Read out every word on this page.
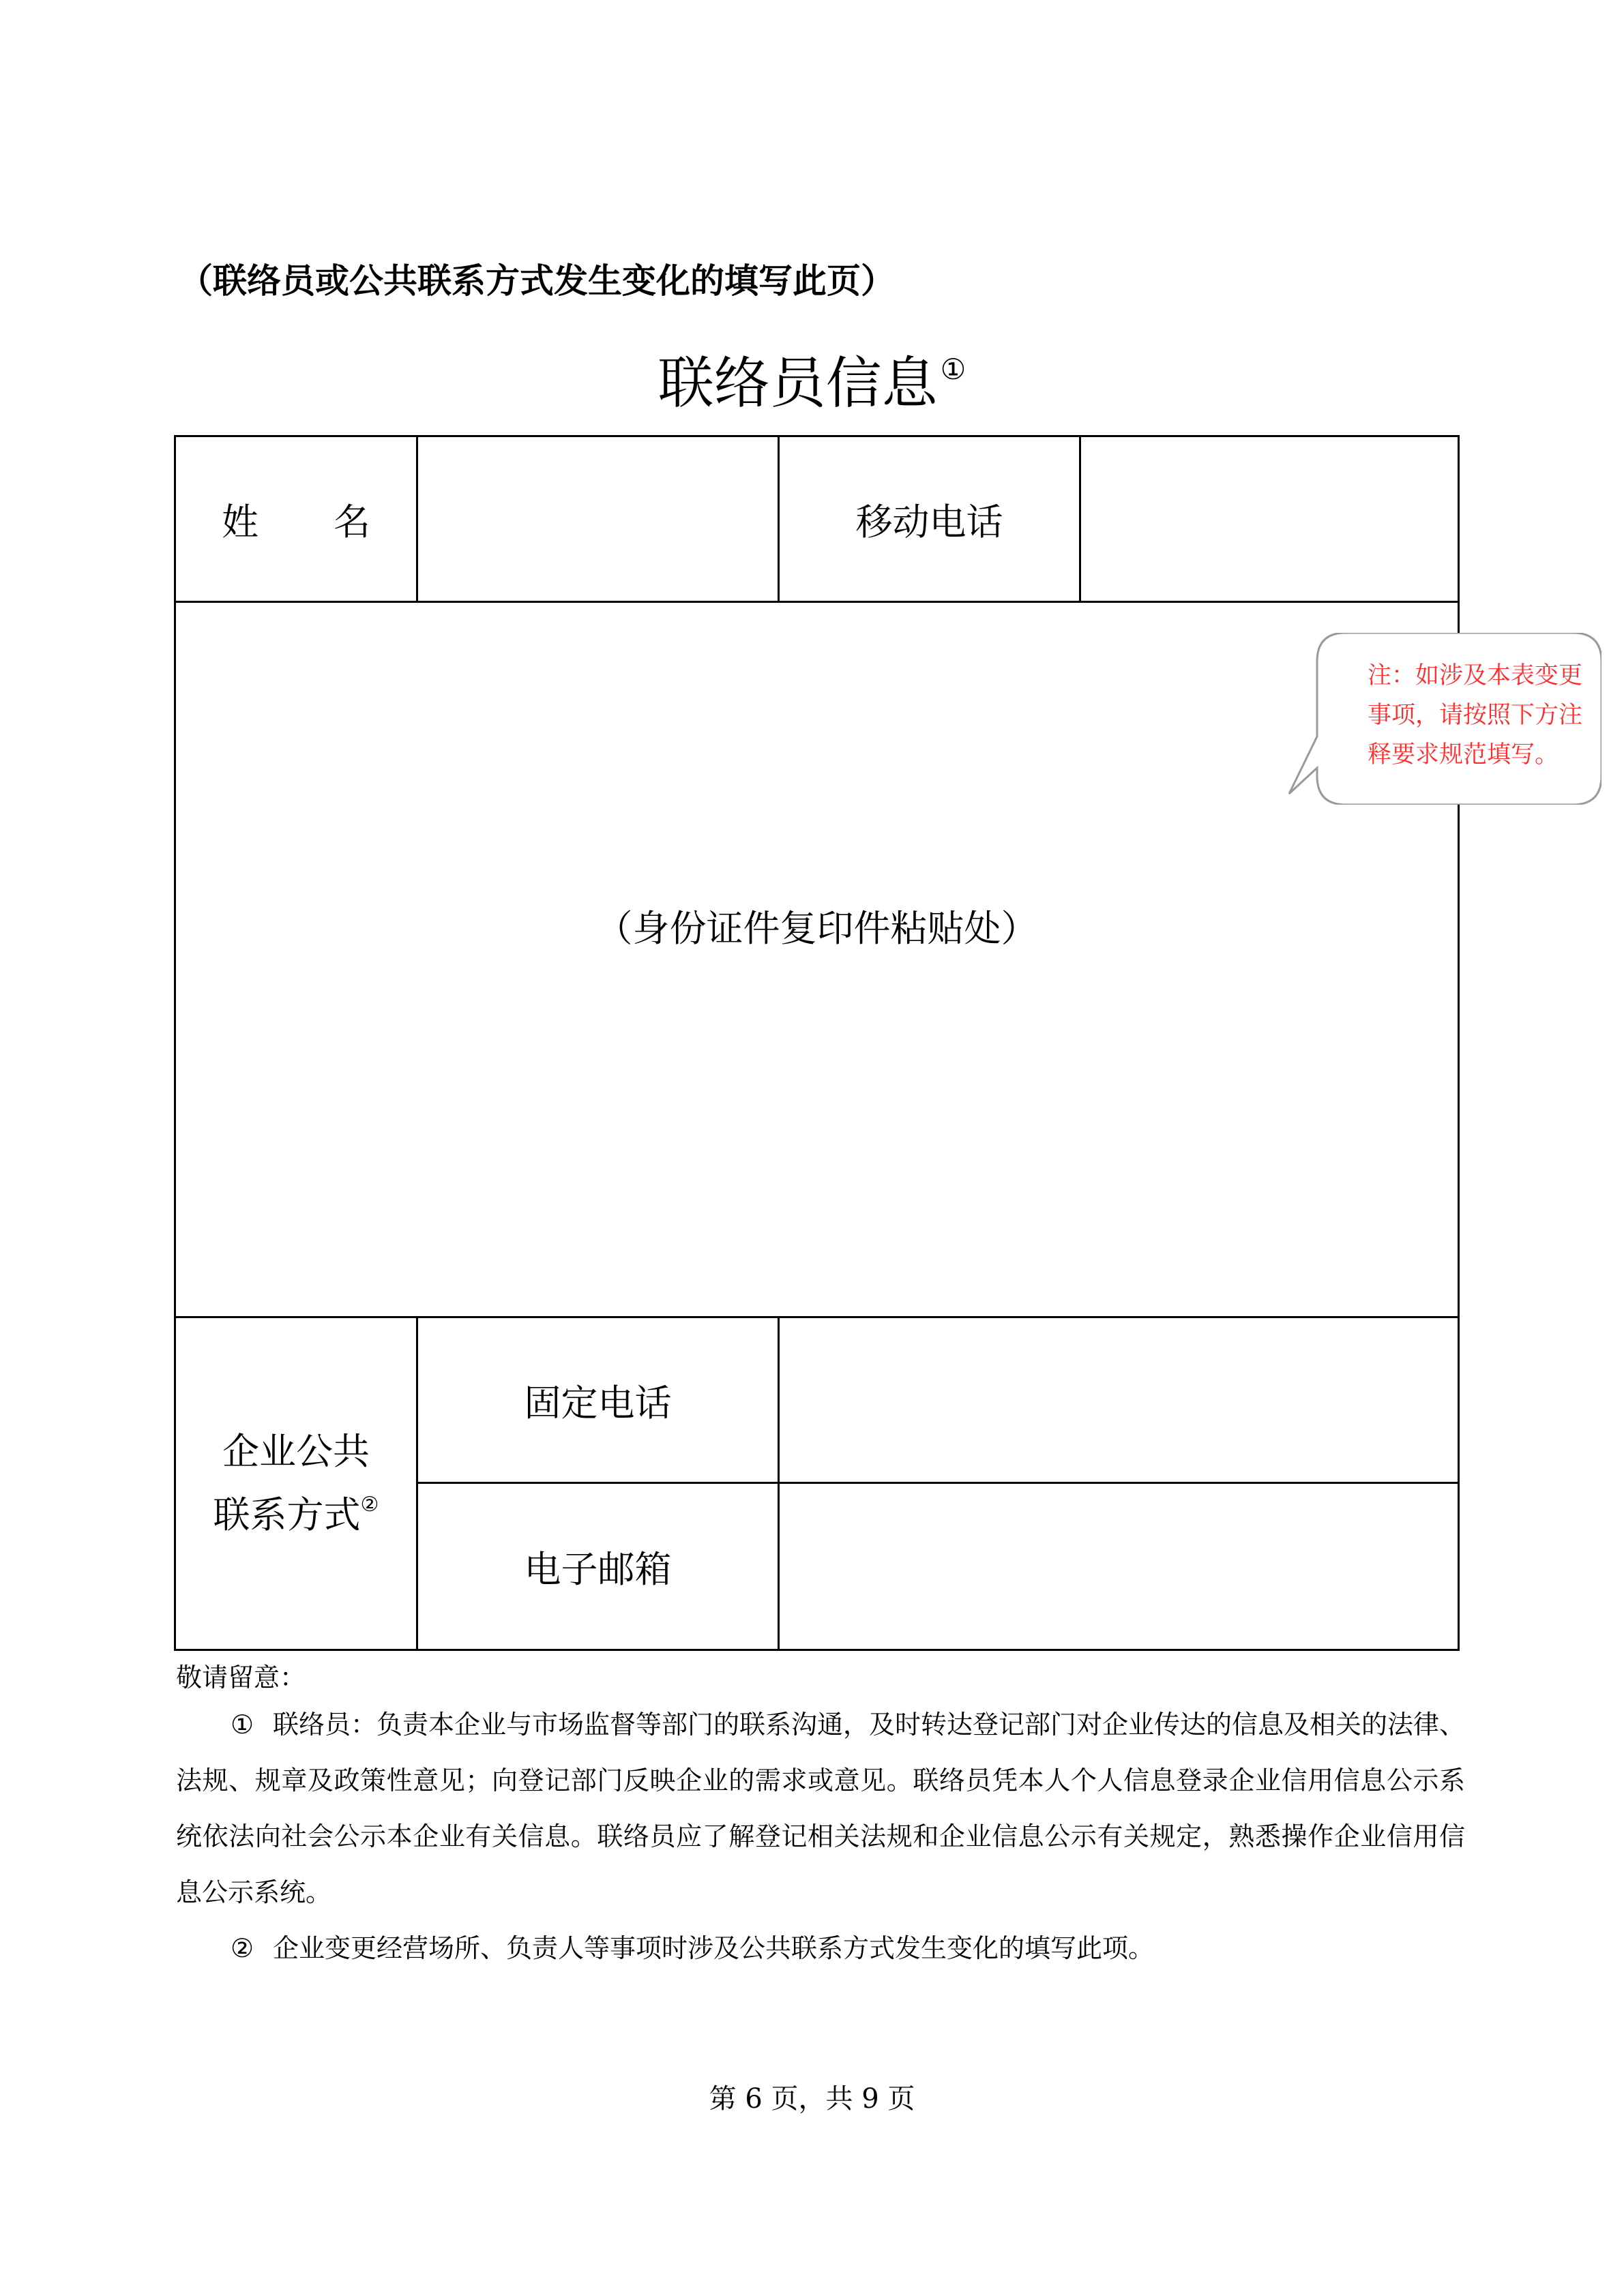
（联络员或公共联系方式发生变化的填写此页）
联络员信息①
姓 名	移动电话
（身份证件复印件粘贴处）
企业公共
联系方式②
固定电话
电子邮箱
注：如涉及本表变更事项，请按照下方注释要求规范填写。
敬请留意：

① 联络员：负责本企业与市场监督等部门的联系沟通，及时转达登记部门对企业传达的信息及相关的法律、法规、规章及政策性意见；向登记部门反映企业的需求或意见。联络员凭本人个人信息登录企业信用信息公示系统依法向社会公示本企业有关信息。联络员应了解登记相关法规和企业信息公示有关规定，熟悉操作企业信用信息公示系统。

② 企业变更经营场所、负责人等事项时涉及公共联系方式发生变化的填写此项。

第 6 页，共 9 页
